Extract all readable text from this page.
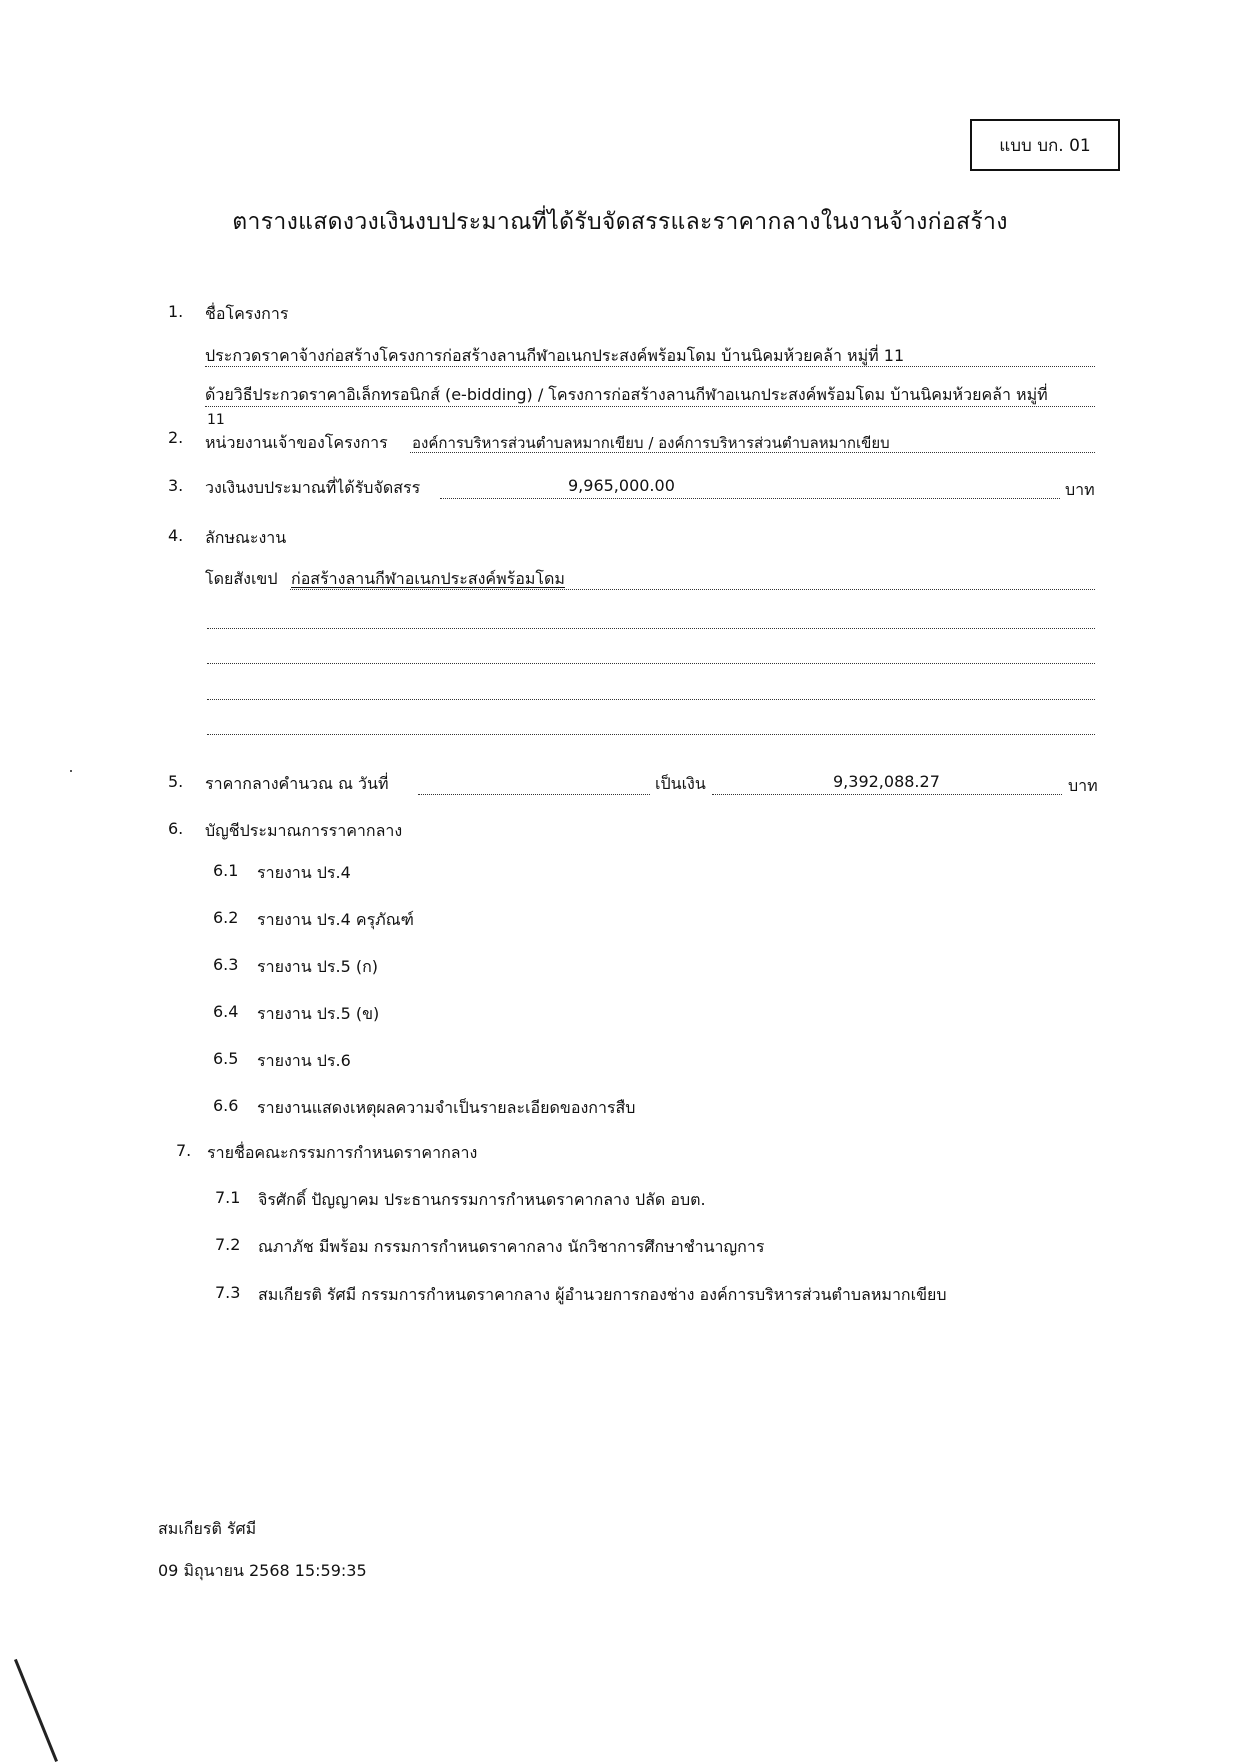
แบบ บก. 01
ตารางแสดงวงเงินงบประมาณที่ได้รับจัดสรรและราคากลางในงานจ้างก่อสร้าง
1. ชื่อโครงการ
ประกวดราคาจ้างก่อสร้างโครงการก่อสร้างลานกีฬาอเนกประสงค์พร้อมโดม บ้านนิคมห้วยคล้า หมู่ที่ 11
ด้วยวิธีประกวดราคาอิเล็กทรอนิกส์ (e-bidding) / โครงการก่อสร้างลานกีฬาอเนกประสงค์พร้อมโดม บ้านนิคมห้วยคล้า หมู่ที่
11
2. หน่วยงานเจ้าของโครงการ องค์การบริหารส่วนตำบลหมากเขียบ / องค์การบริหารส่วนตำบลหมากเขียบ
3. วงเงินงบประมาณที่ได้รับจัดสรร	9,965,000.00	บาท
4. ลักษณะงาน
โดยสังเขป ก่อสร้างลานกีฬาอเนกประสงค์พร้อมโดม
5. ราคากลางคำนวณ ณ วันที่	เป็นเงิน	9,392,088.27	บาท
6. บัญชีประมาณการราคากลาง
6.1 รายงาน ปร.4
6.2 รายงาน ปร.4 ครุภัณฑ์
6.3 รายงาน ปร.5 (ก)
6.4 รายงาน ปร.5 (ข)
6.5 รายงาน ปร.6
6.6 รายงานแสดงเหตุผลความจำเป็นรายละเอียดของการสืบ
7. รายชื่อคณะกรรมการกำหนดราคากลาง
7.1 จิรศักดิ์ ปัญญาคม ประธานกรรมการกำหนดราคากลาง ปลัด อบต.
7.2 ณภาภัช มีพร้อม กรรมการกำหนดราคากลาง นักวิชาการศึกษาชำนาญการ
7.3 สมเกียรติ รัศมี กรรมการกำหนดราคากลาง ผู้อำนวยการกองช่าง องค์การบริหารส่วนตำบลหมากเขียบ
สมเกียรติ รัศมี
09 มิถุนายน 2568 15:59:35
